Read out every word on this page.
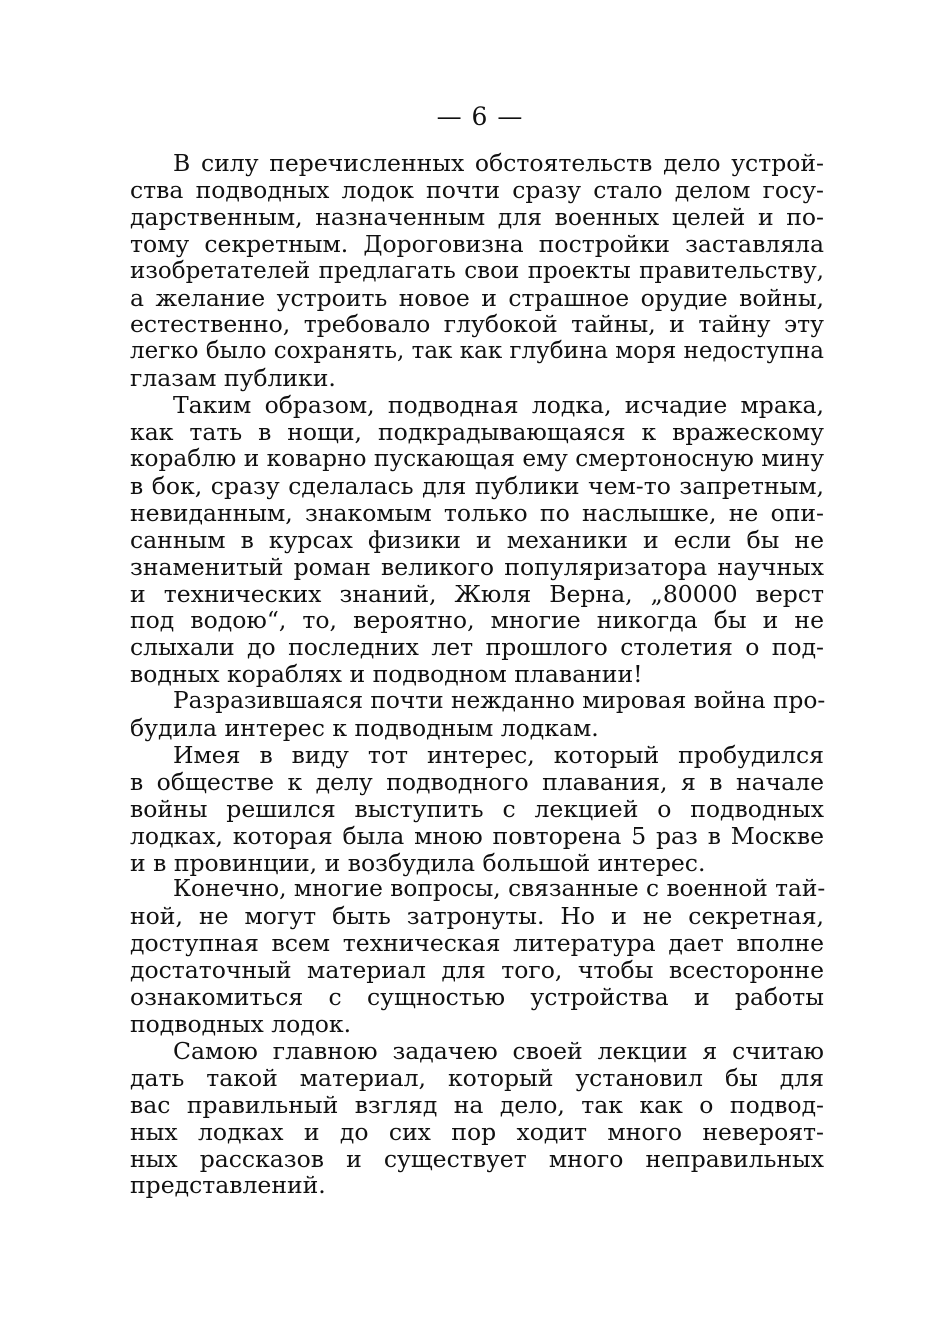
— 6 —
В силу перечисленных обстоятельств дело устрой-
ства подводных лодок почти сразу стало делом госу-
дарственным, назначенным для военных целей и по-
тому секретным. Дороговизна постройки заставляла
изобретателей предлагать свои проекты правительству,
а желание устроить новое и страшное орудие войны,
естественно, требовало глубокой тайны, и тайну эту
легко было сохранять, так как глубина моря недоступна
глазам публики.
Таким образом, подводная лодка, исчадие мрака,
как тать в нощи, подкрадывающаяся к вражескому
кораблю и коварно пускающая ему смертоносную мину
в бок, сразу сделалась для публики чем-то запретным,
невиданным, знакомым только по наслышке, не опи-
санным в курсах физики и механики и если бы не
знаменитый роман великого популяризатора научных
и технических знаний, Жюля Верна, „80000 верст
под водою“, то, вероятно, многие никогда бы и не
слыхали до последних лет прошлого столетия о под-
водных кораблях и подводном плавании!
Разразившаяся почти нежданно мировая война про-
будила интерес к подводным лодкам.
Имея в виду тот интерес, который пробудился
в обществе к делу подводного плавания, я в начале
войны решился выступить с лекцией о подводных
лодках, которая была мною повторена 5 раз в Москве
и в провинции, и возбудила большой интерес.
Конечно, многие вопросы, связанные с военной тай-
ной, не могут быть затронуты. Но и не секретная,
доступная всем техническая литература дает вполне
достаточный материал для того, чтобы всесторонне
ознакомиться с сущностью устройства и работы
подводных лодок.
Самою главною задачею своей лекции я считаю
дать такой материал, который установил бы для
вас правильный взгляд на дело, так как о подвод-
ных лодках и до сих пор ходит много невероят-
ных рассказов и существует много неправильных
представлений.
